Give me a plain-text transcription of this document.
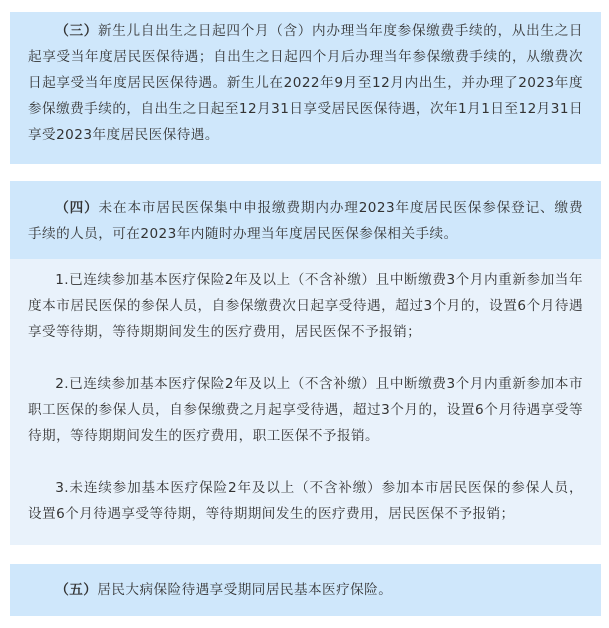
（三）新生儿自出生之日起四个月（含）内办理当年度参保缴费手续的，从出生之日起享受当年度居民医保待遇；自出生之日起四个月后办理当年参保缴费手续的，从缴费次日起享受当年度居民医保待遇。新生儿在2022年9月至12月内出生，并办理了2023年度参保缴费手续的，自出生之日起至12月31日享受居民医保待遇，次年1月1日至12月31日享受2023年度居民医保待遇。

（四）未在本市居民医保集中申报缴费期内办理2023年度居民医保参保登记、缴费手续的人员，可在2023年内随时办理当年度居民医保参保相关手续。

1.已连续参加基本医疗保险2年及以上（不含补缴）且中断缴费3个月内重新参加当年度本市居民医保的参保人员，自参保缴费次日起享受待遇，超过3个月的，设置6个月待遇享受等待期，等待期期间发生的医疗费用，居民医保不予报销；

2.已连续参加基本医疗保险2年及以上（不含补缴）且中断缴费3个月内重新参加本市职工医保的参保人员，自参保缴费之月起享受待遇，超过3个月的，设置6个月待遇享受等待期，等待期期间发生的医疗费用，职工医保不予报销。

3.未连续参加基本医疗保险2年及以上（不含补缴）参加本市居民医保的参保人员，设置6个月待遇享受等待期，等待期期间发生的医疗费用，居民医保不予报销；

（五）居民大病保险待遇享受期同居民基本医疗保险。
